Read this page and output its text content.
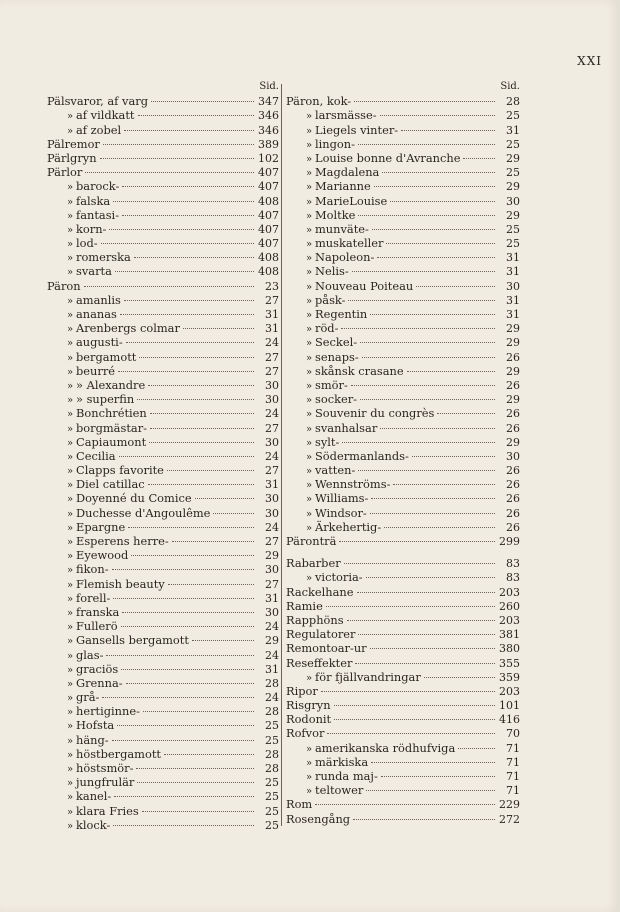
XXI
Sid.
Pälsvaror, af varg	347
» af vildkatt	346
» af zobel	346
Pälremor	389
Pärlgryn	102
Pärlor	407
» barock-	407
» falska	408
» fantasi-	407
» korn-	407
» lod-	407
» romerska	408
» svarta	408
Päron	23
» amanlis	27
» ananas	31
» Arenbergs colmar	31
» augusti-	24
» bergamott	27
» beurré	27
» » Alexandre	30
» » superfin	30
» Bonchrétien	24
» borgmästar-	27
» Capiaumont	30
» Cecilia	24
» Clapps favorite	27
» Diel catillac	31
» Doyenné du Comice	30
» Duchesse d'Angoulême	30
» Epargne	24
» Esperens herre-	27
» Eyewood	29
» fikon-	30
» Flemish beauty	27
» forell-	31
» franska	30
» Fullerö	24
» Gansells bergamott	29
» glas-	24
» graciös	31
» Grenna-	28
» grå-	24
» hertiginne-	28
» Hofsta	25
» häng-	25
» höstbergamott	28
» höstsmör-	28
» jungfrulär	25
» kanel-	25
» klara Fries	25
» klock-	25
Sid.
Päron, kok-	28
» larsmässe-	25
» Liegels vinter-	31
» lingon-	25
» Louise bonne d'Avranche	29
» Magdalena	25
» Marianne	29
» MarieLouise	30
» Moltke	29
» munväte-	25
» muskateller	25
» Napoleon-	31
» Nelis-	31
» Nouveau Poiteau	30
» påsk-	31
» Regentin	31
» röd-	29
» Seckel-	29
» senaps-	26
» skånsk crasane	29
» smör-	26
» socker-	29
» Souvenir du congrès	26
» svanhalsar	26
» sylt-	29
» Södermanlands-	30
» vatten-	26
» Wennströms-	26
» Williams-	26
» Windsor-	26
» Ärkehertig-	26
Päronträ	299
Rabarber	83
» victoria-	83
Rackelhane	203
Ramie	260
Rapphöns	203
Regulatorer	381
Remontoar-ur	380
Reseffekter	355
» för fjällvandringar	359
Ripor	203
Risgryn	101
Rodonit	416
Rofvor	70
» amerikanska rödhufviga	71
» märkiska	71
» runda maj-	71
» teltower	71
Rom	229
Rosengång	272
